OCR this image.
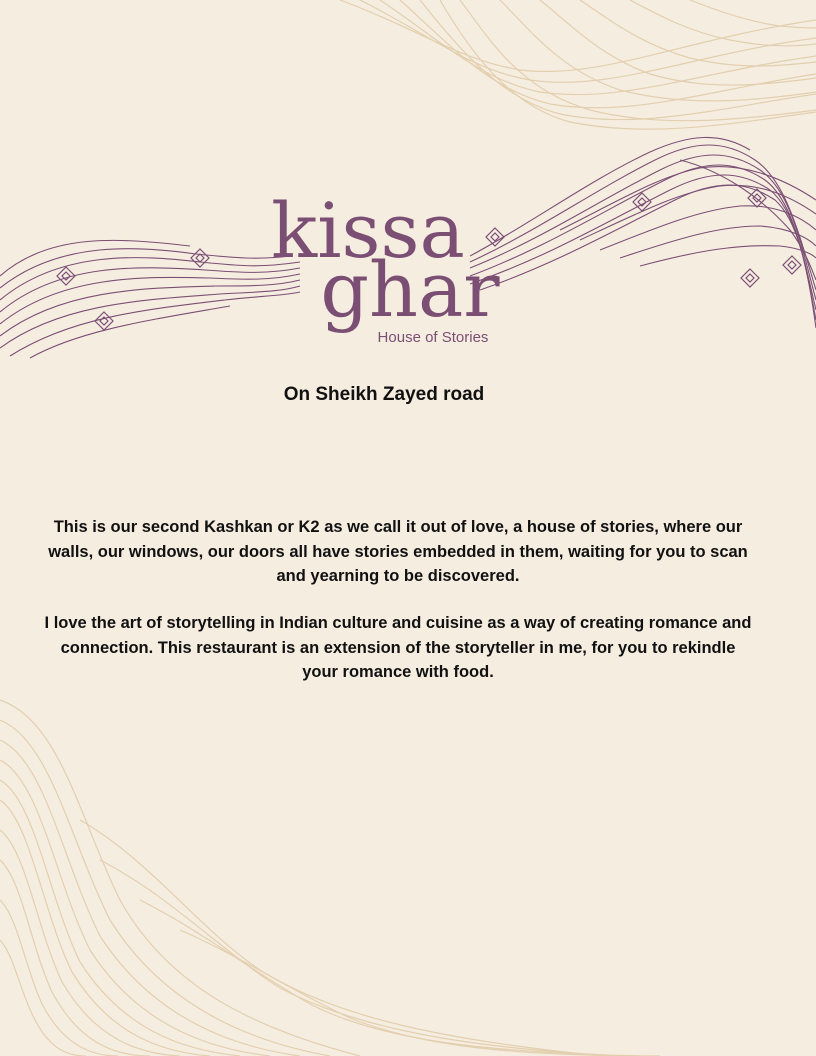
kissa
ghar
House of Stories
On Sheikh Zayed road
This is our second Kashkan or K2 as we call it out of love, a house of stories, where our
walls, our windows, our doors all have stories embedded in them, waiting for you to scan
and yearning to be discovered.
I love the art of storytelling in Indian culture and cuisine as a way of creating romance and
connection. This restaurant is an extension of the storyteller in me, for you to rekindle
your romance with food.
